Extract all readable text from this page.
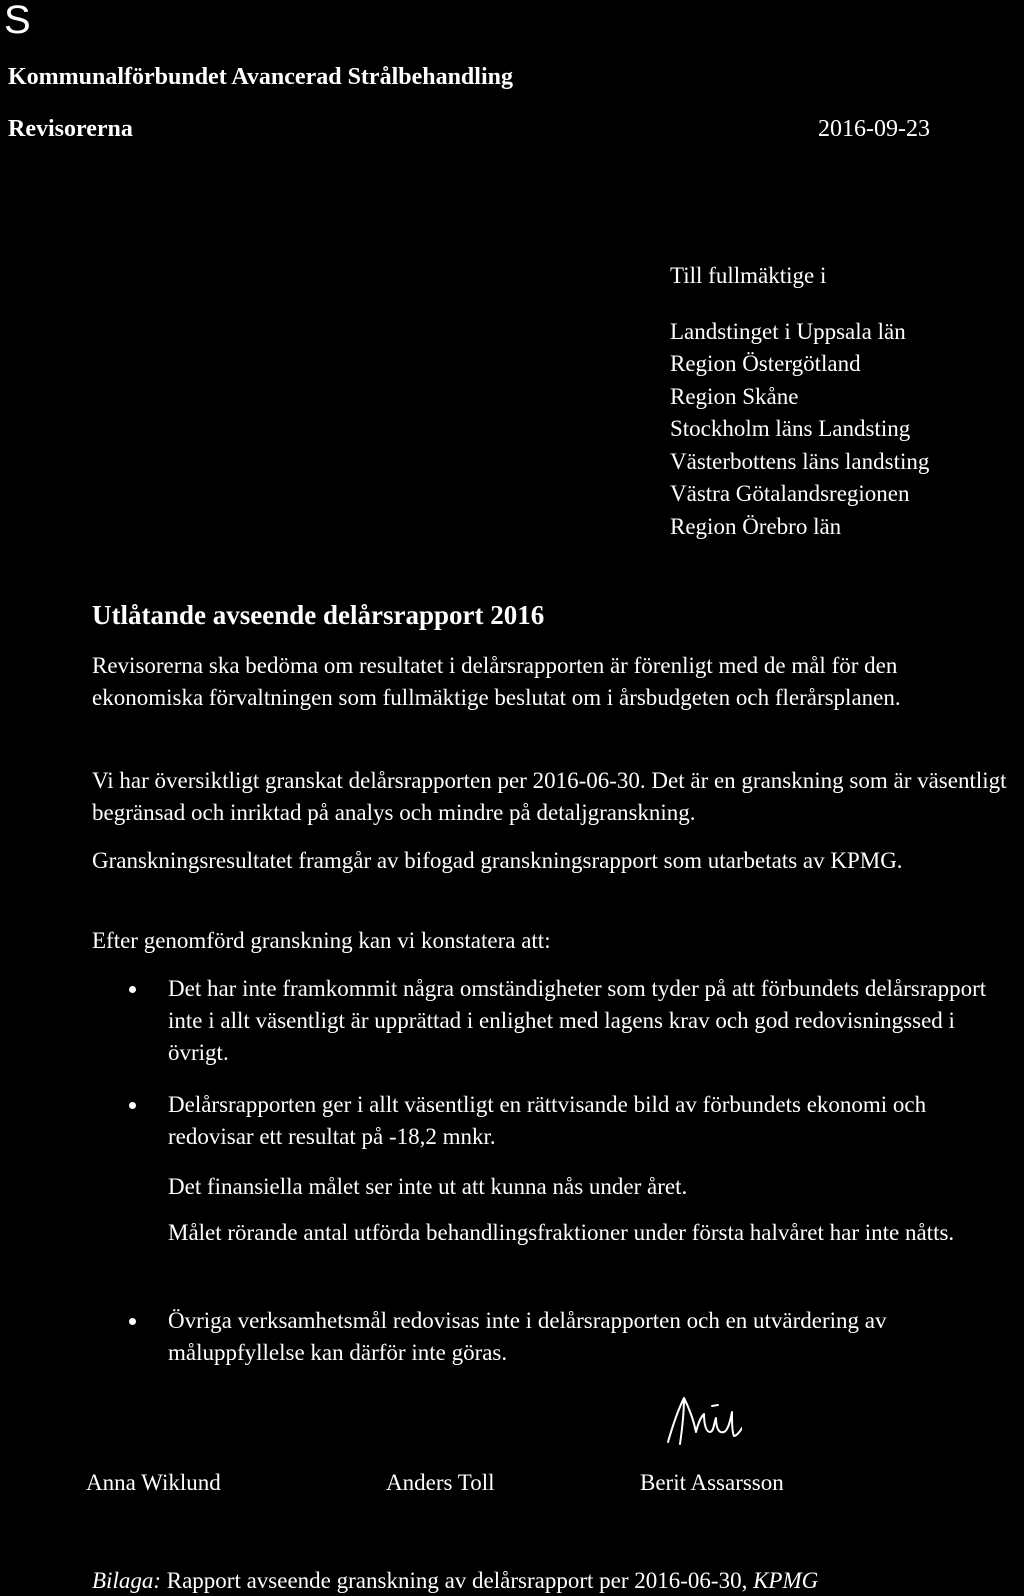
S
Kommunalförbundet Avancerad Strålbehandling
Revisorerna	2016-09-23
Till fullmäktige i
Landstinget i Uppsala län
Region Östergötland
Region Skåne
Stockholm läns Landsting
Västerbottens läns landsting
Västra Götalandsregionen
Region Örebro län
Utlåtande avseende delårsrapport 2016
Revisorerna ska bedöma om resultatet i delårsrapporten är förenligt med de mål för den ekonomiska förvaltningen som fullmäktige beslutat om i årsbudgeten och flerårsplanen.
Vi har översiktligt granskat delårsrapporten per 2016-06-30. Det är en granskning som är väsentligt begränsad och inriktad på analys och mindre på detaljgranskning.
Granskningsresultatet framgår av bifogad granskningsrapport som utarbetats av KPMG.
Efter genomförd granskning kan vi konstatera att:
Det har inte framkommit några omständigheter som tyder på att förbundets delårsrapport inte i allt väsentligt är upprättad i enlighet med lagens krav och god redovisningssed i övrigt.
Delårsrapporten ger i allt väsentligt en rättvisande bild av förbundets ekonomi och redovisar ett resultat på -18,2 mnkr.
Det finansiella målet ser inte ut att kunna nås under året.
Målet rörande antal utförda behandlingsfraktioner under första halvåret har inte nåtts.
Övriga verksamhetsmål redovisas inte i delårsrapporten och en utvärdering av måluppfyllelse kan därför inte göras.
Anna Wiklund	Anders Toll	Berit Assarsson
Bilaga: Rapport avseende granskning av delårsrapport per 2016-06-30, KPMG
